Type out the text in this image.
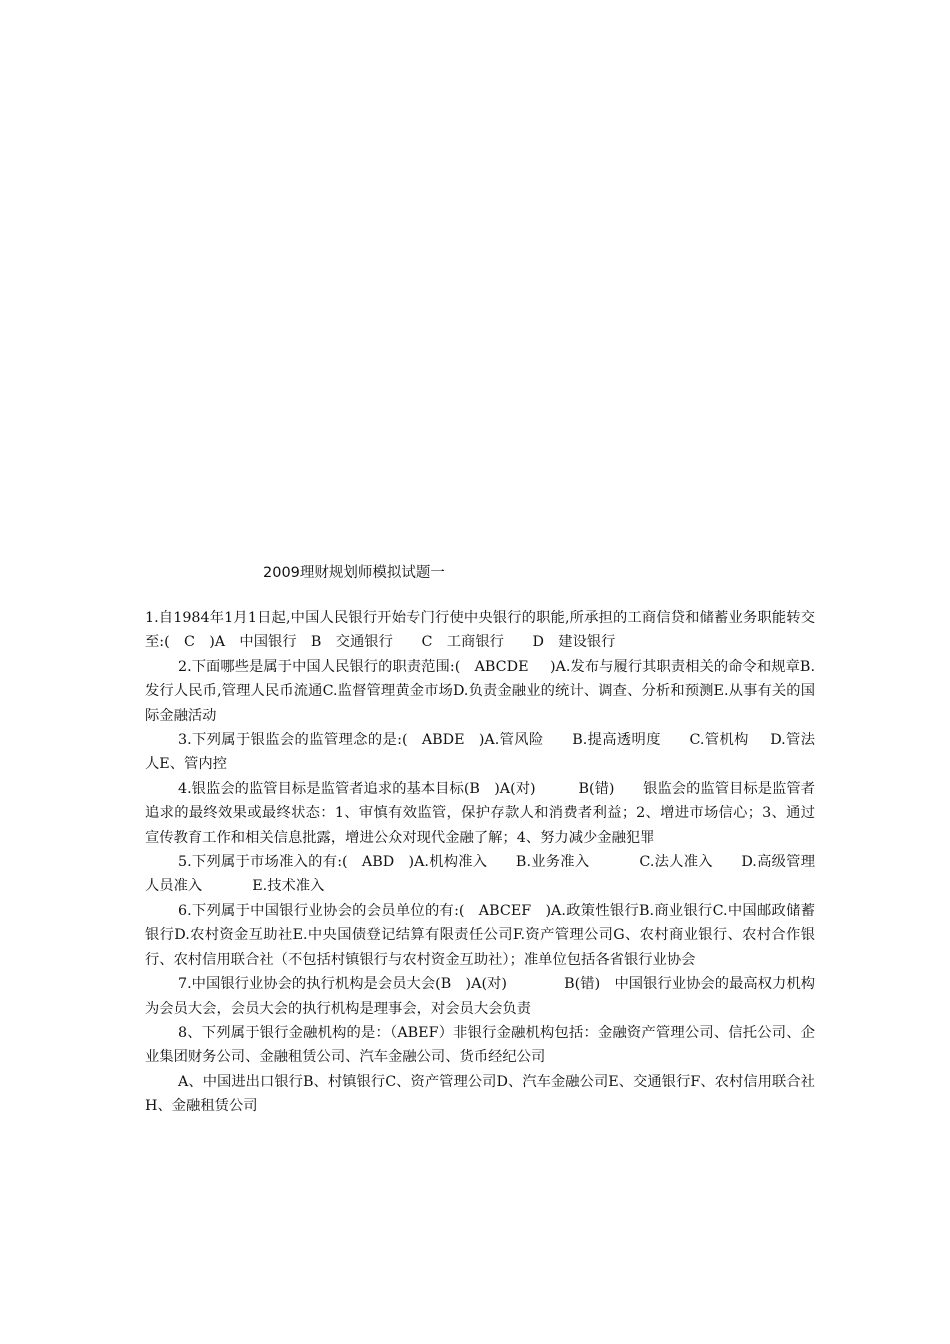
2009理财规划师模拟试题一

1.自1984年1月1日起,中国人民银行开始专门行使中央银行的职能,所承担的工商信贷和储蓄业务职能转交至:(  C  )A  中国银行  B  交通银行  C  工商银行  D  建设银行

2.下面哪些是属于中国人民银行的职责范围:(  ABCDE  )A.发布与履行其职责相关的命令和规章B.发行人民币,管理人民币流通C.监督管理黄金市场D.负责金融业的统计、调查、分析和预测E.从事有关的国际金融活动

3.下列属于银监会的监管理念的是:(  ABDE  )A.管风险   B.提高透明度   C.管机构  D.管法人E、管内控

4.银监会的监管目标是监管者追求的基本目标(B  )A(对)    B(错)   银监会的监管目标是监管者追求的最终效果或最终状态：1、审慎有效监管，保护存款人和消费者利益；2、增进市场信心；3、通过宣传教育工作和相关信息批露，增进公众对现代金融了解；4、努力减少金融犯罪

5.下列属于市场准入的有:(  ABD  )A.机构准入   B.业务准入    C.法人准入  D.高级管理人员准入    E.技术准入

6.下列属于中国银行业协会的会员单位的有:(  ABCEF  )A.政策性银行B.商业银行C.中国邮政储蓄银行D.农村资金互助社E.中央国债登记结算有限责任公司F.资产管理公司G、农村商业银行、农村合作银行、农村信用联合社（不包括村镇银行与农村资金互助社）；准单位包括各省银行业协会

7.中国银行业协会的执行机构是会员大会(B  )A(对)    B(错)  中国银行业协会的最高权力机构为会员大会，会员大会的执行机构是理事会，对会员大会负责

8、下列属于银行金融机构的是：（ABEF）非银行金融机构包括：金融资产管理公司、信托公司、企业集团财务公司、金融租赁公司、汽车金融公司、货币经纪公司

A、中国进出口银行B、村镇银行C、资产管理公司D、汽车金融公司E、交通银行F、农村信用联合社H、金融租赁公司
